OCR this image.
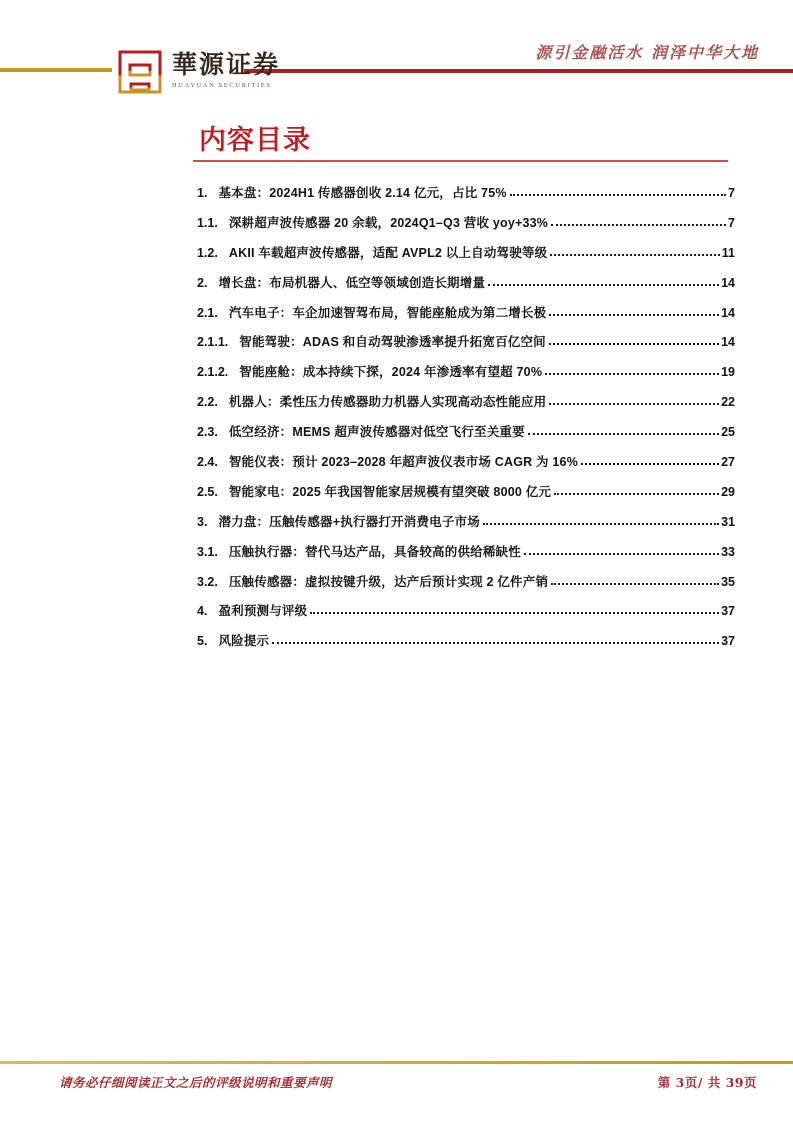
華源证券
HUAYUAN SECURITIES
源引金融活水 润泽中华大地
内容目录
1. 基本盘：2024H1 传感器创收 2.14 亿元，占比 75%	7
1.1. 深耕超声波传感器 20 余载，2024Q1–Q3 营收 yoy+33%	7
1.2. AKII 车载超声波传感器，适配 AVPL2 以上自动驾驶等级	11
2. 增长盘：布局机器人、低空等领域创造长期增量	14
2.1. 汽车电子：车企加速智驾布局，智能座舱成为第二增长极	14
2.1.1. 智能驾驶：ADAS 和自动驾驶渗透率提升拓宽百亿空间	14
2.1.2. 智能座舱：成本持续下探，2024 年渗透率有望超 70%	19
2.2. 机器人：柔性压力传感器助力机器人实现高动态性能应用	22
2.3. 低空经济：MEMS 超声波传感器对低空飞行至关重要	25
2.4. 智能仪表：预计 2023–2028 年超声波仪表市场 CAGR 为 16%	27
2.5. 智能家电：2025 年我国智能家居规模有望突破 8000 亿元	29
3. 潜力盘：压触传感器+执行器打开消费电子市场	31
3.1. 压触执行器：替代马达产品，具备较高的供给稀缺性	33
3.2. 压触传感器：虚拟按键升级，达产后预计实现 2 亿件产销	35
4. 盈利预测与评级	37
5. 风险提示	37
请务必仔细阅读正文之后的评级说明和重要声明	第 3页/ 共 39页
